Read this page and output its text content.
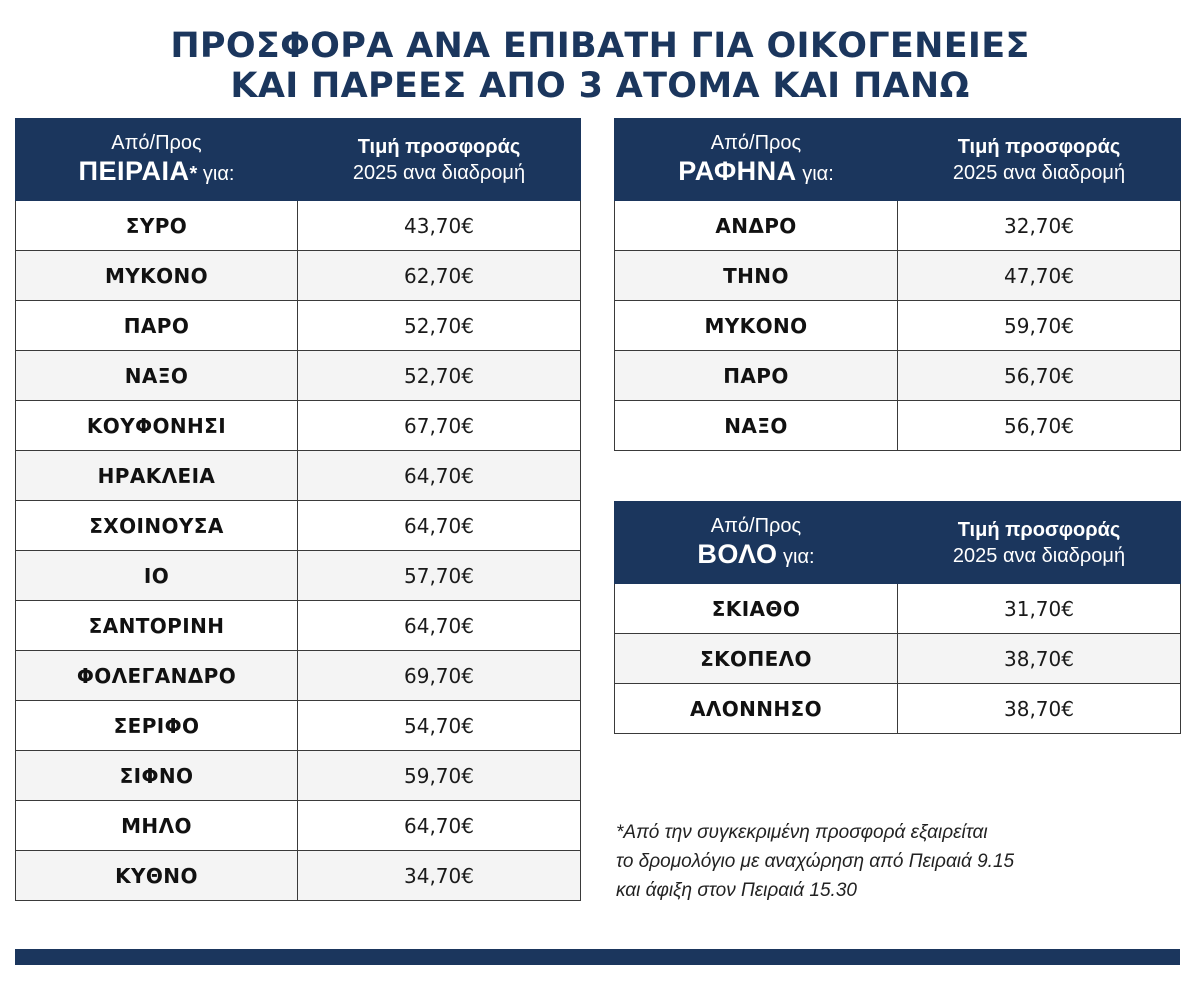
ΠΡΟΣΦΟΡΑ ΑΝΑ ΕΠΙΒΑΤΗ ΓΙΑ ΟΙΚΟΓΕΝΕΙΕΣ
ΚΑΙ ΠΑΡΕΕΣ ΑΠΟ 3 ΑΤΟΜΑ ΚΑΙ ΠΑΝΩ
Από/Προς
ΠΕΙΡΑΙΑ* για:	Τιμή προσφοράς
2025 ανα διαδρομή

ΣΥΡΟ	43,70€
ΜΥΚΟΝΟ	62,70€
ΠΑΡΟ	52,70€
ΝΑΞΟ	52,70€
ΚΟΥΦΟΝΗΣΙ	67,70€
ΗΡΑΚΛΕΙΑ	64,70€
ΣΧΟΙΝΟΥΣΑ	64,70€
ΙΟ	57,70€
ΣΑΝΤΟΡΙΝΗ	64,70€
ΦΟΛΕΓΑΝΔΡΟ	69,70€
ΣΕΡΙΦΟ	54,70€
ΣΙΦΝΟ	59,70€
ΜΗΛΟ	64,70€
ΚΥΘΝΟ	34,70€
Από/Προς
ΡΑΦΗΝΑ για:	Τιμή προσφοράς
2025 ανα διαδρομή

ΑΝΔΡΟ	32,70€
ΤΗΝΟ	47,70€
ΜΥΚΟΝΟ	59,70€
ΠΑΡΟ	56,70€
ΝΑΞΟ	56,70€
Από/Προς
ΒΟΛΟ για:	Τιμή προσφοράς
2025 ανα διαδρομή

ΣΚΙΑΘΟ	31,70€
ΣΚΟΠΕΛΟ	38,70€
ΑΛΟΝΝΗΣΟ	38,70€
*Από την συγκεκριμένη προσφορά εξαιρείται
το δρομολόγιο με αναχώρηση από Πειραιά 9.15
και άφιξη στον Πειραιά 15.30
